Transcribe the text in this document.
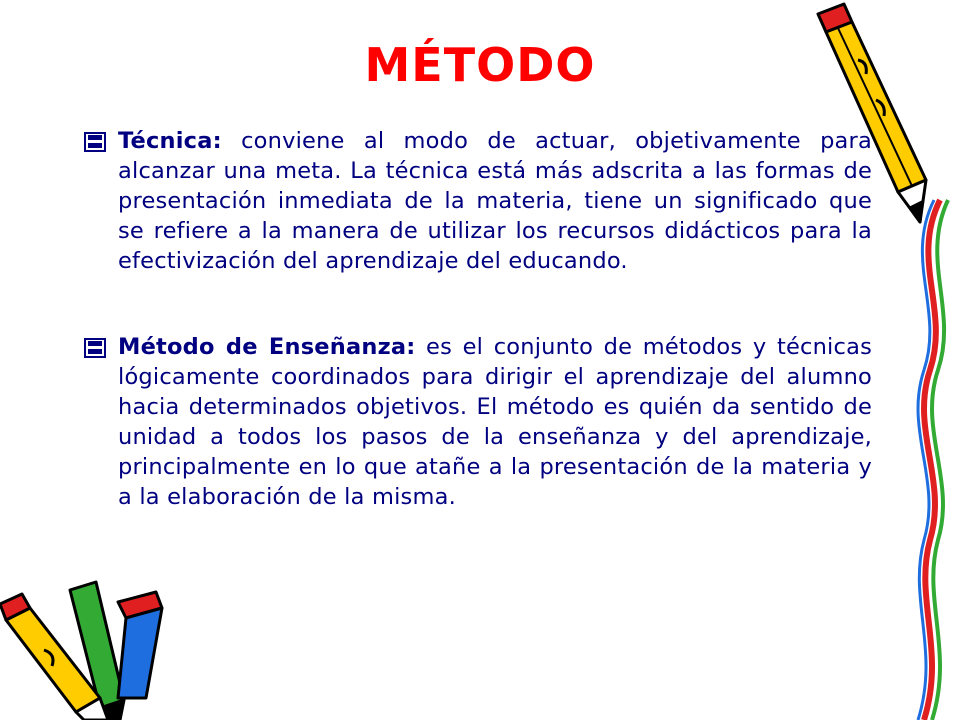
MÉTODO

Técnica: conviene al modo de actuar, objetivamente para alcanzar una meta. La técnica está más adscrita a las formas de presentación inmediata de la materia, tiene un significado que se refiere a la manera de utilizar los recursos didácticos para la efectivización del aprendizaje del educando.

Método de Enseñanza: es el conjunto de métodos y técnicas lógicamente coordinados para dirigir el aprendizaje del alumno hacia determinados objetivos. El método es quién da sentido de unidad a todos los pasos de la enseñanza y del aprendizaje, principalmente en lo que atañe a la presentación de la materia y a la elaboración de la misma.
